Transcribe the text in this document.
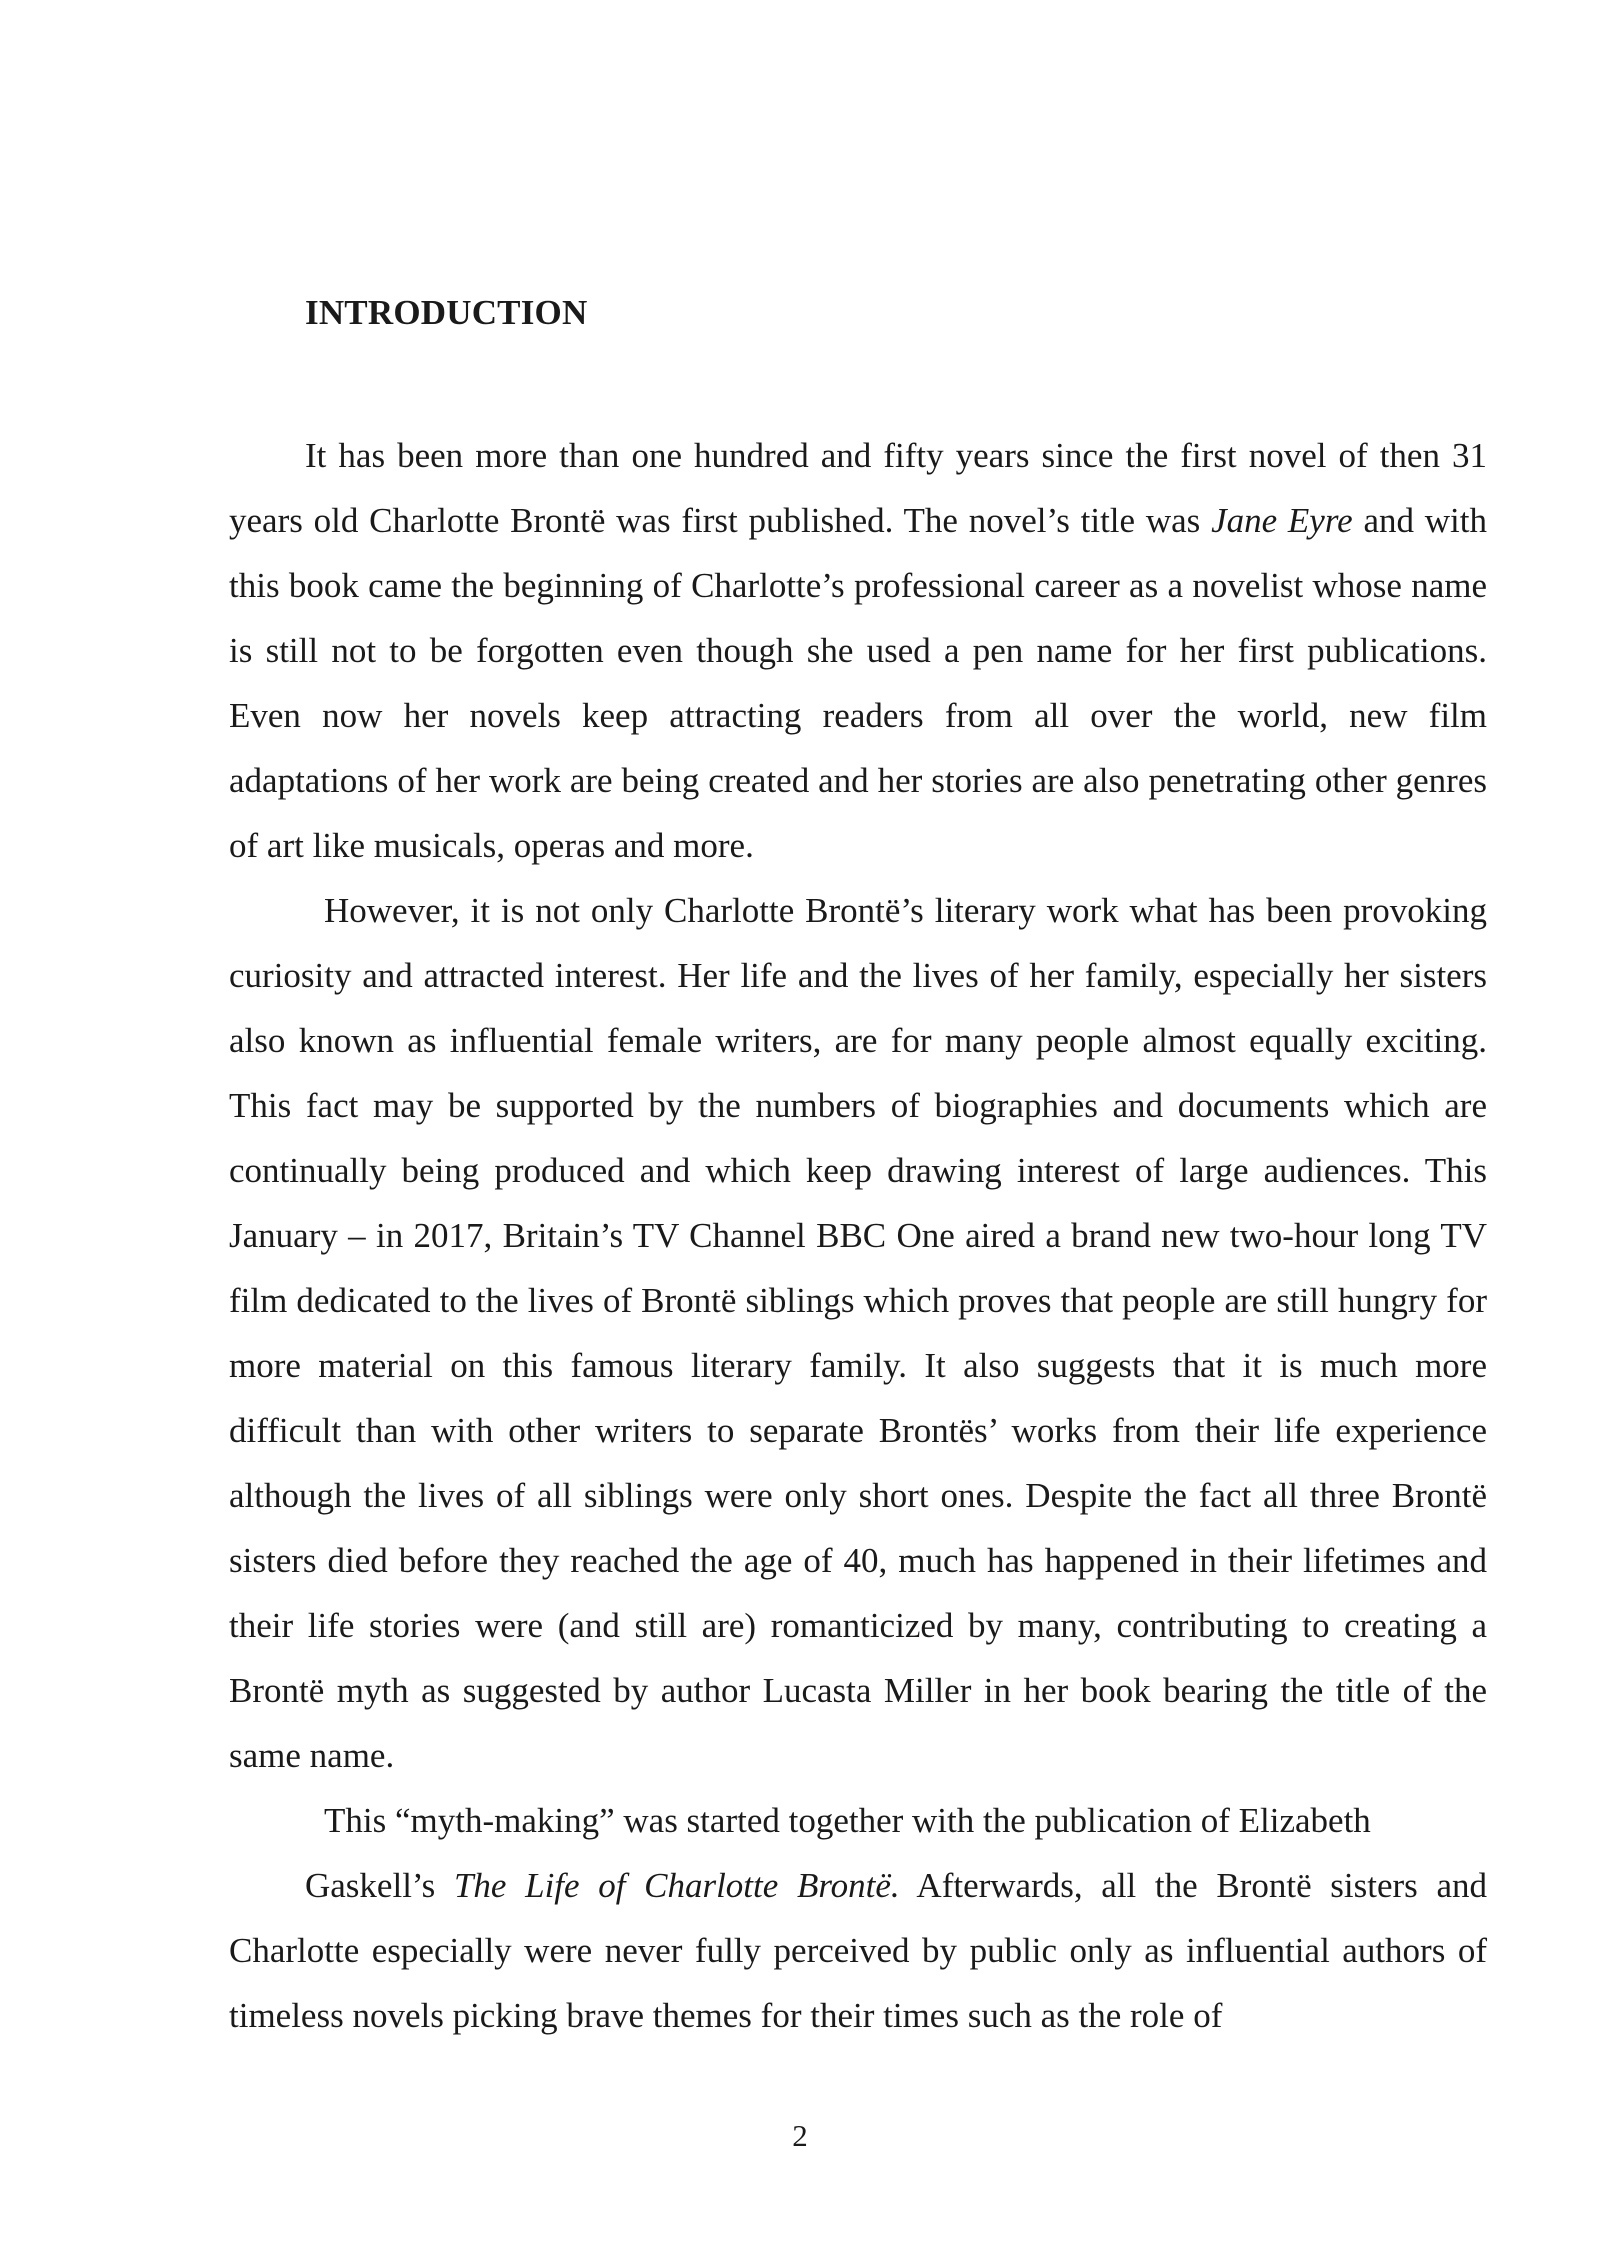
INTRODUCTION

It has been more than one hundred and fifty years since the first novel of then 31 years old Charlotte Brontë was first published. The novel’s title was Jane Eyre and with this book came the beginning of Charlotte’s professional career as a novelist whose name is still not to be forgotten even though she used a pen name for her first publications. Even now her novels keep attracting readers from all over the world, new film adaptations of her work are being created and her stories are also penetrating other genres of art like musicals, operas and more.

However, it is not only Charlotte Brontë’s literary work what has been provoking curiosity and attracted interest. Her life and the lives of her family, especially her sisters also known as influential female writers, are for many people almost equally exciting. This fact may be supported by the numbers of biographies and documents which are continually being produced and which keep drawing interest of large audiences. This January – in 2017, Britain’s TV Channel BBC One aired a brand new two-hour long TV film dedicated to the lives of Brontë siblings which proves that people are still hungry for more material on this famous literary family. It also suggests that it is much more difficult than with other writers to separate Brontës’ works from their life experience although the lives of all siblings were only short ones. Despite the fact all three Brontë sisters died before they reached the age of 40, much has happened in their lifetimes and their life stories were (and still are) romanticized by many, contributing to creating a Brontë myth as suggested by author Lucasta Miller in her book bearing the title of the same name.

This “myth-making” was started together with the publication of Elizabeth

Gaskell’s The Life of Charlotte Brontë. Afterwards, all the Brontë sisters and Charlotte especially were never fully perceived by public only as influential authors of timeless novels picking brave themes for their times such as the role of

2
